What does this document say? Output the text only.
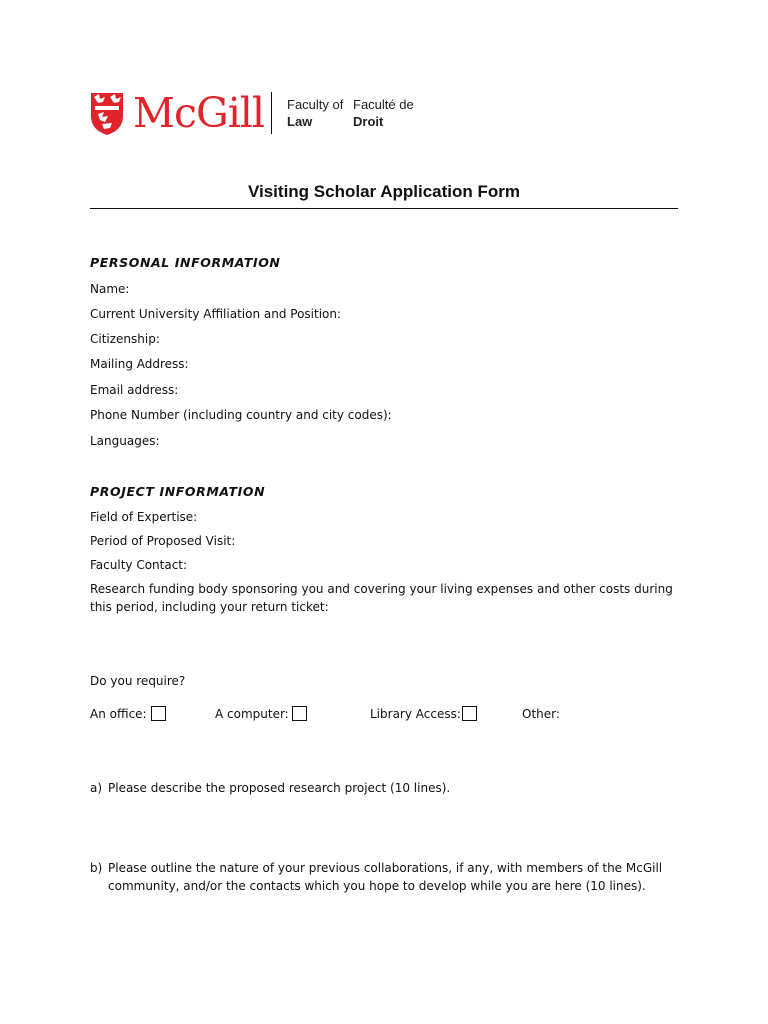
McGill Faculty of
Law
Faculté de
Droit
Visiting Scholar Application Form
PERSONAL INFORMATION
Name:
Current University Affiliation and Position:
Citizenship:
Mailing Address:
Email address:
Phone Number (including country and city codes):
Languages:
PROJECT INFORMATION
Field of Expertise:
Period of Proposed Visit:
Faculty Contact:
Research funding body sponsoring you and covering your living expenses and other costs during
this period, including your return ticket:
Do you require?
An office:	A computer:	Library Access:	Other:
a) Please describe the proposed research project (10 lines).
b) Please outline the nature of your previous collaborations, if any, with members of the McGill
community, and/or the contacts which you hope to develop while you are here (10 lines).
